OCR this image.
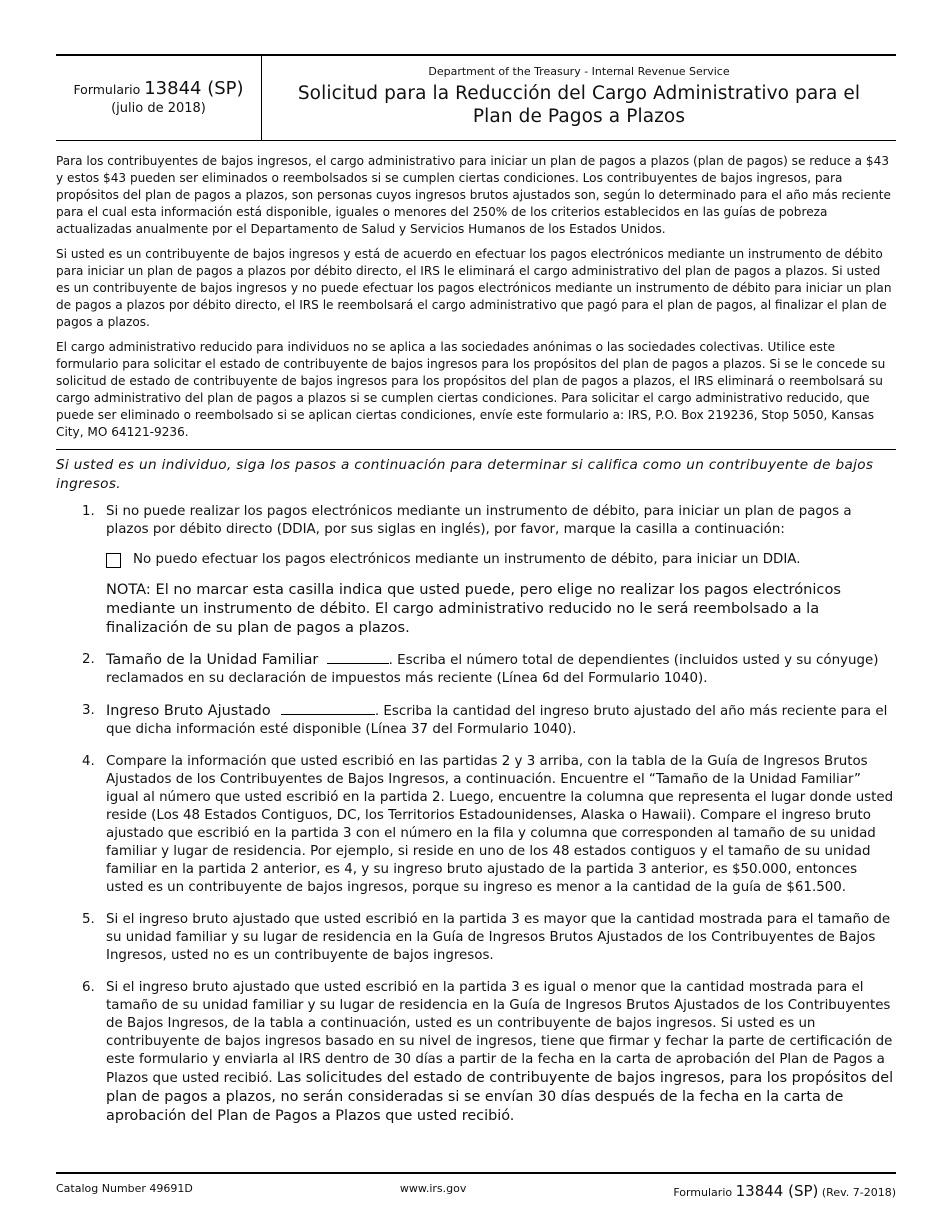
Formulario 13844 (SP)
(julio de 2018)
Department of the Treasury - Internal Revenue Service
Solicitud para la Reducción del Cargo Administrativo para el
Plan de Pagos a Plazos

Para los contribuyentes de bajos ingresos, el cargo administrativo para iniciar un plan de pagos a plazos (plan de pagos) se reduce a $43 y estos $43 pueden ser eliminados o reembolsados si se cumplen ciertas condiciones. Los contribuyentes de bajos ingresos, para propósitos del plan de pagos a plazos, son personas cuyos ingresos brutos ajustados son, según lo determinado para el año más reciente para el cual esta información está disponible, iguales o menores del 250% de los criterios establecidos en las guías de pobreza actualizadas anualmente por el Departamento de Salud y Servicios Humanos de los Estados Unidos.

Si usted es un contribuyente de bajos ingresos y está de acuerdo en efectuar los pagos electrónicos mediante un instrumento de débito para iniciar un plan de pagos a plazos por débito directo, el IRS le eliminará el cargo administrativo del plan de pagos a plazos. Si usted es un contribuyente de bajos ingresos y no puede efectuar los pagos electrónicos mediante un instrumento de débito para iniciar un plan de pagos a plazos por débito directo, el IRS le reembolsará el cargo administrativo que pagó para el plan de pagos, al finalizar el plan de pagos a plazos.

El cargo administrativo reducido para individuos no se aplica a las sociedades anónimas o las sociedades colectivas. Utilice este formulario para solicitar el estado de contribuyente de bajos ingresos para los propósitos del plan de pagos a plazos. Si se le concede su solicitud de estado de contribuyente de bajos ingresos para los propósitos del plan de pagos a plazos, el IRS eliminará o reembolsará su cargo administrativo del plan de pagos a plazos si se cumplen ciertas condiciones. Para solicitar el cargo administrativo reducido, que puede ser eliminado o reembolsado si se aplican ciertas condiciones, envíe este formulario a: IRS, P.O. Box 219236, Stop 5050, Kansas City, MO 64121-9236.

Si usted es un individuo, siga los pasos a continuación para determinar si califica como un contribuyente de bajos ingresos.
1. Si no puede realizar los pagos electrónicos mediante un instrumento de débito, para iniciar un plan de pagos a plazos por débito directo (DDIA, por sus siglas en inglés), por favor, marque la casilla a continuación:
No puedo efectuar los pagos electrónicos mediante un instrumento de débito, para iniciar un DDIA.
NOTA: El no marcar esta casilla indica que usted puede, pero elige no realizar los pagos electrónicos mediante un instrumento de débito. El cargo administrativo reducido no le será reembolsado a la finalización de su plan de pagos a plazos.
2. Tamaño de la Unidad Familiar	. Escriba el número total de dependientes (incluidos usted y su cónyuge) reclamados en su declaración de impuestos más reciente (Línea 6d del Formulario 1040).
3. Ingreso Bruto Ajustado	. Escriba la cantidad del ingreso bruto ajustado del año más reciente para el que dicha información esté disponible (Línea 37 del Formulario 1040).
4. Compare la información que usted escribió en las partidas 2 y 3 arriba, con la tabla de la Guía de Ingresos Brutos Ajustados de los Contribuyentes de Bajos Ingresos, a continuación. Encuentre el “Tamaño de la Unidad Familiar” igual al número que usted escribió en la partida 2. Luego, encuentre la columna que representa el lugar donde usted reside (Los 48 Estados Contiguos, DC, los Territorios Estadounidenses, Alaska o Hawaii). Compare el ingreso bruto ajustado que escribió en la partida 3 con el número en la fila y columna que corresponden al tamaño de su unidad familiar y lugar de residencia. Por ejemplo, si reside en uno de los 48 estados contiguos y el tamaño de su unidad familiar en la partida 2 anterior, es 4, y su ingreso bruto ajustado de la partida 3 anterior, es $50.000, entonces usted es un contribuyente de bajos ingresos, porque su ingreso es menor a la cantidad de la guía de $61.500.
5. Si el ingreso bruto ajustado que usted escribió en la partida 3 es mayor que la cantidad mostrada para el tamaño de su unidad familiar y su lugar de residencia en la Guía de Ingresos Brutos Ajustados de los Contribuyentes de Bajos Ingresos, usted no es un contribuyente de bajos ingresos.
6. Si el ingreso bruto ajustado que usted escribió en la partida 3 es igual o menor que la cantidad mostrada para el tamaño de su unidad familiar y su lugar de residencia en la Guía de Ingresos Brutos Ajustados de los Contribuyentes de Bajos Ingresos, de la tabla a continuación, usted es un contribuyente de bajos ingresos. Si usted es un contribuyente de bajos ingresos basado en su nivel de ingresos, tiene que firmar y fechar la parte de certificación de este formulario y enviarla al IRS dentro de 30 días a partir de la fecha en la carta de aprobación del Plan de Pagos a Plazos que usted recibió. Las solicitudes del estado de contribuyente de bajos ingresos, para los propósitos del plan de pagos a plazos, no serán consideradas si se envían 30 días después de la fecha en la carta de aprobación del Plan de Pagos a Plazos que usted recibió.
Catalog Number 49691D	www.irs.gov	Formulario 13844 (SP) (Rev. 7-2018)
